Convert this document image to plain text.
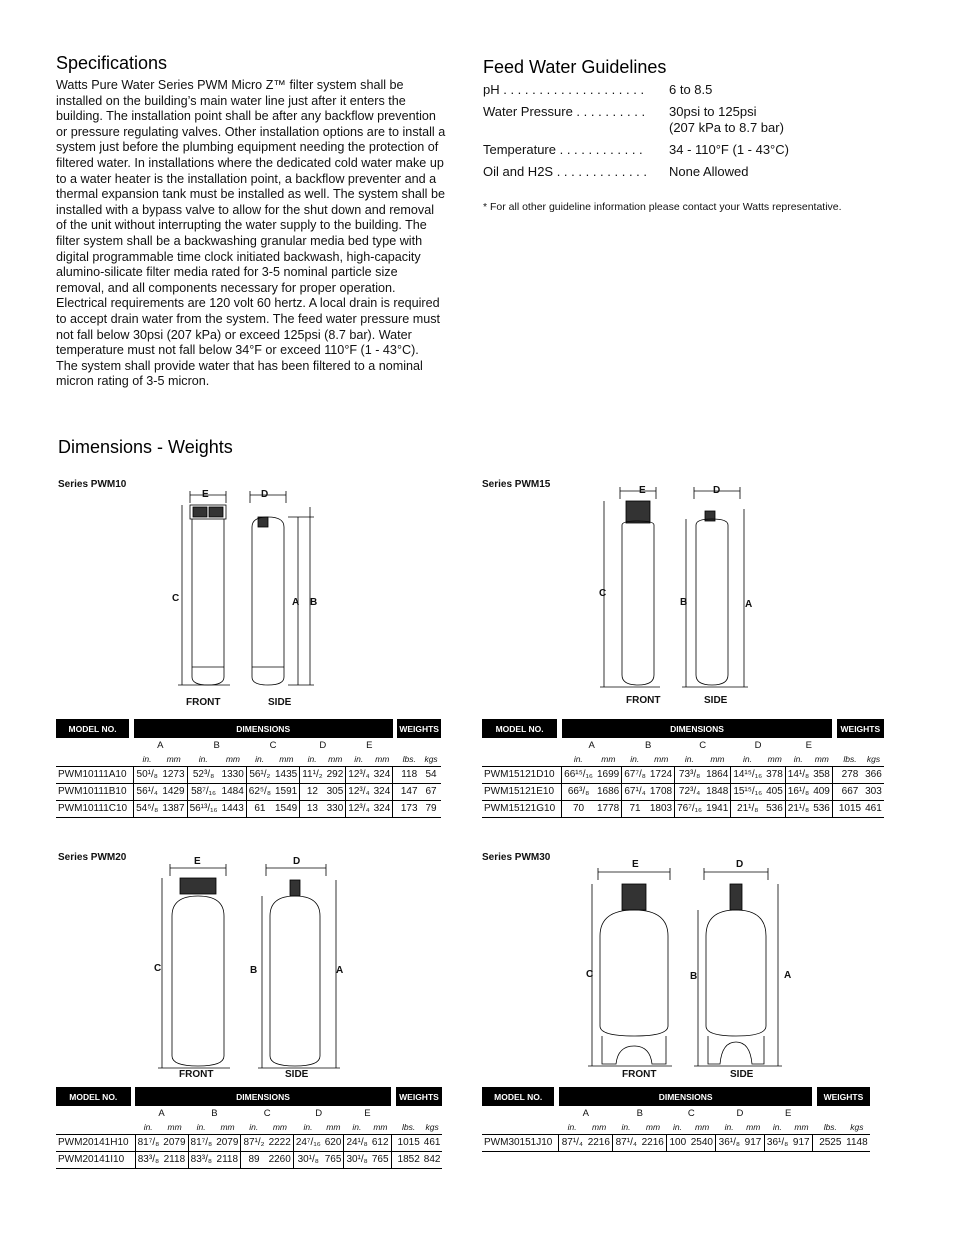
Specifications

Watts Pure Water Series PWM Micro Z™ filter system shall be installed on the building’s main water line just after it enters the building. The installation point shall be after any backflow prevention or pressure regulating valves. Other installation options are to install a system just before the plumbing equipment needing the protection of filtered water. In installations where the dedicated cold water make up to a water heater is the installation point, a backflow preventer and a thermal expansion tank must be installed as well. The system shall be installed with a bypass valve to allow for the shut down and removal of the unit without interrupting the water supply to the building. The filter system shall be a backwashing granular media bed type with digital programmable time clock initiated backwash, high-capacity alumino-silicate filter media rated for 3-5 nominal particle size removal, and all components necessary for proper operation. Electrical requirements are 120 volt 60 hertz. A local drain is required to accept drain water from the system. The feed water pressure must not fall below 30psi (207 kPa) or exceed 125psi (8.7 bar). Water temperature must not fall below 34°F or exceed 110°F (1 - 43°C).

The system shall provide water that has been filtered to a nominal micron rating of 3-5 micron.

Feed Water Guidelines
pH . . . . . . . . . . . . . . . . . . . .	6 to 8.5
Water Pressure . . . . . . . . . .	30psi to 125psi
(207 kPa to 8.7 bar)
Temperature . . . . . . . . . . . .	34 - 110°F (1 - 43°C)
Oil and H2S . . . . . . . . . . . . .	None Allowed
* For all other guideline information please contact your Watts representative.
Dimensions - Weights
Series PWM10
E	D
C	A B
FRONT	SIDE
MODEL NO.		DIMENSIONS											WEIGHTS	
		A		B		C		D		E				
		in.	mm	in.	mm	in.	mm	in.	mm	in.	mm		lbs.	kgs
PWM10111A10		50¹/₈	1273	52³/₈	1330	56¹/₂	1435	11¹/₂	292	12³/₄	324		118	54
PWM10111B10		56¹/₄	1429	58⁷/₁₆	1484	62⁵/₈	1591	12	305	12³/₄	324		147	67
PWM10111C10		54⁵/₈	1387	56¹³/₁₆	1443	61	1549	13	330	12³/₄	324		173	79
Series PWM15
E	D
C
B	A
FRONT	SIDE
MODEL NO.		DIMENSIONS											WEIGHTS	
		A		B		C		D		E				
		in.	mm	in.	mm	in.	mm	in.	mm	in.	mm		lbs.	kgs
PWM15121D10		66¹⁵/₁₆	1699	67⁷/₈	1724	73³/₈	1864	14¹⁵/₁₆	378	14¹/₈	358		278	366
PWM15121E10		66³/₈	1686	67¹/₄	1708	72³/₄	1848	15¹⁵/₁₆	405	16¹/₈	409		667	303
PWM15121G10		70	1778	71	1803	76⁷/₁₆	1941	21¹/₈	536	21¹/₈	536		1015	461
Series PWM20	E	D
C	B	A
FRONT	SIDE
MODEL NO.		DIMENSIONS											WEIGHTS	
		A		B		C		D		E				
		in.	mm	in.	mm	in.	mm	in.	mm	in.	mm		lbs.	kgs
PWM20141H10		81⁷/₈	2079	81⁷/₈	2079	87¹/₂	2222	24⁷/₁₆	620	24¹/₈	612		1015	461
PWM20141I10		83³/₈	2118	83³/₈	2118	89	2260	30¹/₈	765	30¹/₈	765		1852	842
Series PWM30
E	D
C	B	A
FRONT	SIDE
MODEL NO.		DIMENSIONS											WEIGHTS	
		A		B		C		D		E				
		in.	mm	in.	mm	in.	mm	in.	mm	in.	mm		lbs.	kgs
PWM30151J10		87¹/₄	2216	87¹/₄	2216	100	2540	36¹/₈	917	36¹/₈	917		2525	1148
